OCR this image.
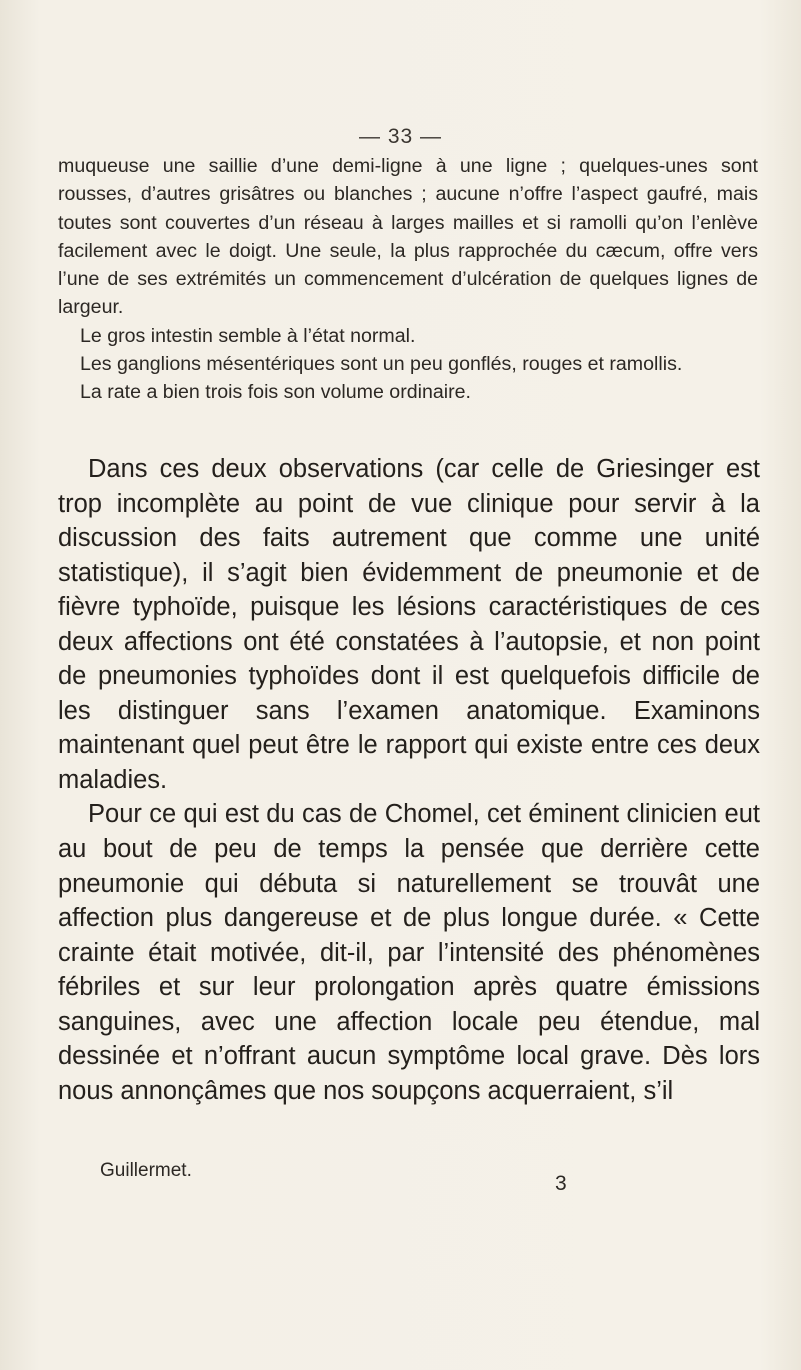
— 33 —

muqueuse une saillie d’une demi-ligne à une ligne ; quelques-unes sont rousses, d’autres grisâtres ou blanches ; aucune n’offre l’aspect gaufré, mais toutes sont couvertes d’un réseau à larges mailles et si ramolli qu’on l’enlève facilement avec le doigt. Une seule, la plus rapprochée du cæcum, offre vers l’une de ses extrémités un commencement d’ulcération de quelques lignes de largeur.

Le gros intestin semble à l’état normal.

Les ganglions mésentériques sont un peu gonflés, rouges et ramollis.

La rate a bien trois fois son volume ordinaire.

Dans ces deux observations (car celle de Griesinger est trop incomplète au point de vue clinique pour servir à la discussion des faits autrement que comme une unité statistique), il s’agit bien évidemment de pneumonie et de fièvre typhoïde, puisque les lésions caractéristiques de ces deux affections ont été constatées à l’autopsie, et non point de pneumonies typhoïdes dont il est quelquefois difficile de les distinguer sans l’examen anatomique. Examinons maintenant quel peut être le rapport qui existe entre ces deux maladies.

Pour ce qui est du cas de Chomel, cet éminent clinicien eut au bout de peu de temps la pensée que derrière cette pneumonie qui débuta si naturellement se trouvât une affection plus dangereuse et de plus longue durée. « Cette crainte était motivée, dit-il, par l’intensité des phénomènes fébriles et sur leur prolongation après quatre émissions sanguines, avec une affection locale peu étendue, mal dessinée et n’offrant aucun symptôme local grave. Dès lors nous annonçâmes que nos soupçons acquerraient, s’il

Guillermet.
3
